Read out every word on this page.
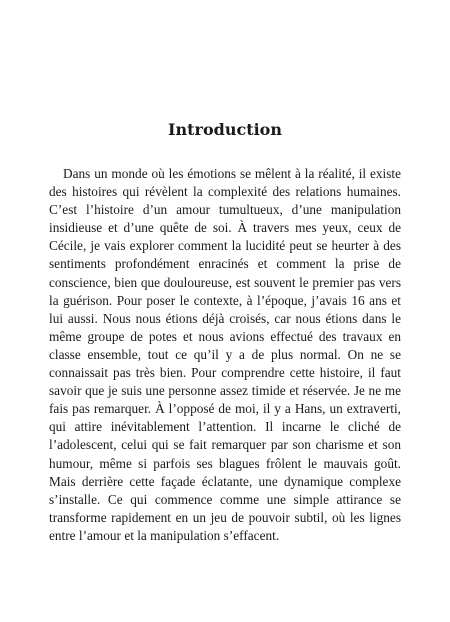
Introduction

Dans un monde où les émotions se mêlent à la réalité, il existe des histoires qui révèlent la complexité des relations humaines. C’est l’histoire d’un amour tumultueux, d’une manipulation insidieuse et d’une quête de soi. À travers mes yeux, ceux de Cécile, je vais explorer comment la lucidité peut se heurter à des sentiments profondément enracinés et comment la prise de conscience, bien que douloureuse, est souvent le premier pas vers la guérison. Pour poser le contexte, à l’époque, j’avais 16 ans et lui aussi. Nous nous étions déjà croisés, car nous étions dans le même groupe de potes et nous avions effectué des travaux en classe ensemble, tout ce qu’il y a de plus normal. On ne se connaissait pas très bien. Pour comprendre cette histoire, il faut savoir que je suis une personne assez timide et réservée. Je ne me fais pas remarquer. À l’opposé de moi, il y a Hans, un extraverti, qui attire inévitablement l’attention. Il incarne le cliché de l’adolescent, celui qui se fait remarquer par son charisme et son humour, même si parfois ses blagues frôlent le mauvais goût. Mais derrière cette façade éclatante, une dynamique complexe s’installe. Ce qui commence comme une simple attirance se transforme rapidement en un jeu de pouvoir subtil, où les lignes entre l’amour et la manipulation s’effacent.
